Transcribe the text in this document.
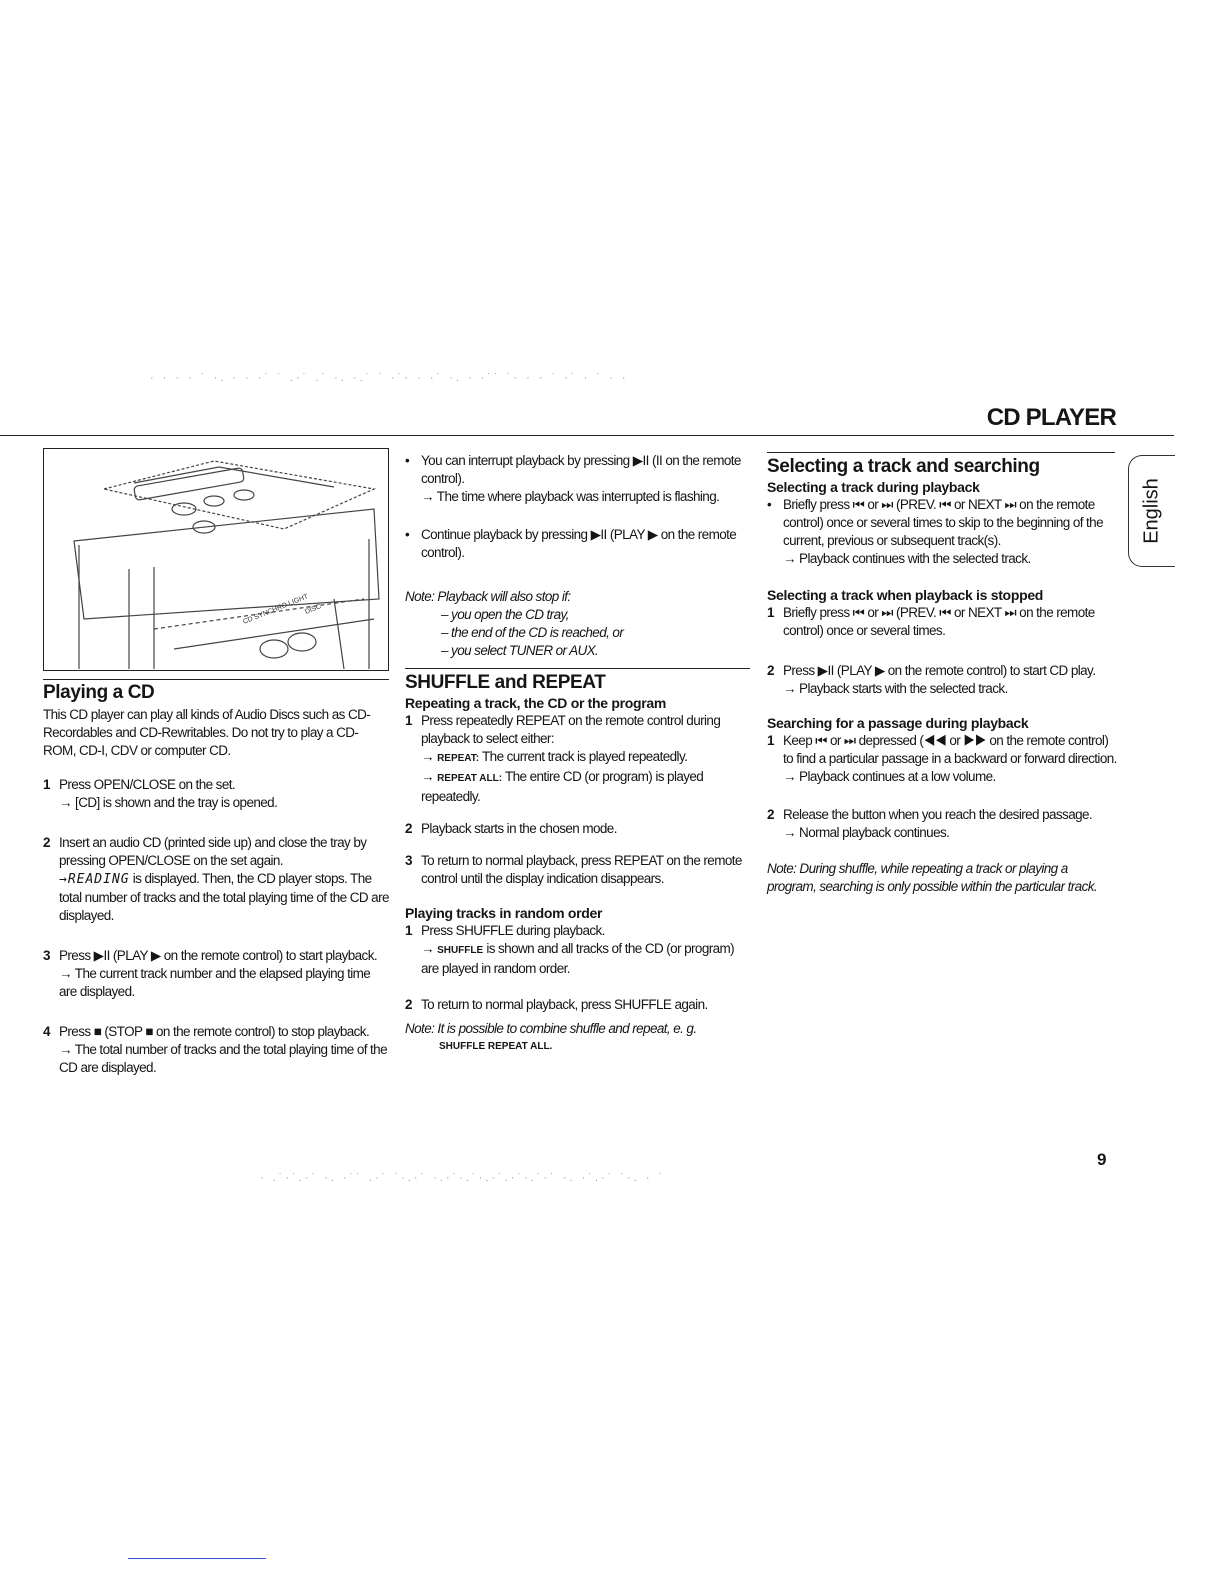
· · · · ˙ ·. · · ·˙ ˙ .·˙ .˙ ·. ·.˙ ˙ ·˙· · ·˙ ·. · ·˙˙ ˙· · · ˙ ·˙ · ˙ · ·
· .˙·˙.·˙ ·. ·˙˙ .·˙ ˙·.·˙ ·.·˙·.˙·.·˙.·˙·.˙·˙ ·. ·˙.·˙ ˙·. · ˙
CD PLAYER
English
CD SYNCHRO LIGHT
DISC
Playing a CD
This CD player can play all kinds of Audio Discs such as CD-Recordables and CD-Rewritables. Do not try to play a CD-ROM, CD-I, CDV or computer CD.
1 Press OPEN/CLOSE on the set.
→ [CD] is shown and the tray is opened.
2 Insert an audio CD (printed side up) and close the tray by pressing OPEN/CLOSE on the set again.
→READING is displayed. Then, the CD player stops. The total number of tracks and the total playing time of the CD are displayed.
3 Press ▶II (PLAY ▶ on the remote control) to start playback.
→ The current track number and the elapsed playing time are displayed.
4 Press ■ (STOP ■ on the remote control) to stop playback.
→ The total number of tracks and the total playing time of the CD are displayed.
• You can interrupt playback by pressing ▶II (II on the remote control).
→ The time where playback was interrupted is flashing.
• Continue playback by pressing ▶II (PLAY ▶ on the remote control).
Note: Playback will also stop if:
– you open the CD tray,
– the end of the CD is reached, or
– you select TUNER or AUX.
SHUFFLE and REPEAT
Repeating a track, the CD or the program
1 Press repeatedly REPEAT on the remote control during playback to select either:
→ REPEAT: The current track is played repeatedly.
→ REPEAT ALL: The entire CD (or program) is played repeatedly.
2 Playback starts in the chosen mode.
3 To return to normal playback, press REPEAT on the remote control until the display indication disappears.
Playing tracks in random order
1 Press SHUFFLE during playback.
→ SHUFFLE is shown and all tracks of the CD (or program) are played in random order.
2 To return to normal playback, press SHUFFLE again.
Note: It is possible to combine shuffle and repeat, e. g.
SHUFFLE REPEAT ALL.
Selecting a track and searching
Selecting a track during playback
• Briefly press ⏮ or ⏭ (PREV. ⏮ or NEXT ⏭ on the remote control) once or several times to skip to the beginning of the current, previous or subsequent track(s).
→ Playback continues with the selected track.
Selecting a track when playback is stopped
1 Briefly press ⏮ or ⏭ (PREV. ⏮ or NEXT ⏭ on the remote control) once or several times.
2 Press ▶II (PLAY ▶ on the remote control) to start CD play.
→ Playback starts with the selected track.
Searching for a passage during playback
1 Keep ⏮ or ⏭ depressed (◀◀ or ▶▶ on the remote control) to find a particular passage in a backward or forward direction.
→ Playback continues at a low volume.
2 Release the button when you reach the desired passage.
→ Normal playback continues.
Note: During shuffle, while repeating a track or playing a program, searching is only possible within the particular track.
9
